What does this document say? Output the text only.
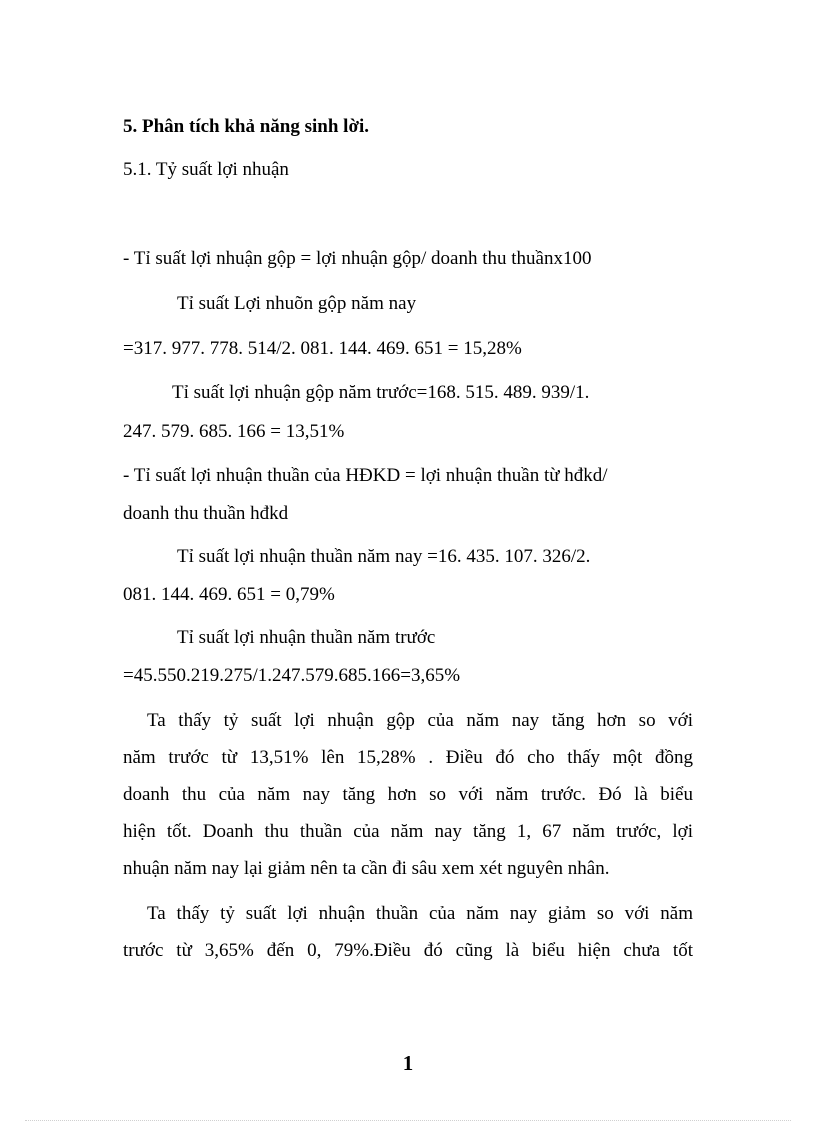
5. Phân tích khả năng sinh lời.
5.1. Tỷ suất lợi nhuận
- Tỉ suất lợi nhuận gộp = lợi nhuận gộp/ doanh thu thuầnx100
Tỉ suất Lợi nhuõn gộp năm nay
=317. 977. 778. 514/2. 081. 144. 469. 651 = 15,28%
Tỉ suất lợi nhuận gộp năm trước=168. 515. 489. 939/1.
247. 579. 685. 166 = 13,51%
- Tỉ suất lợi nhuận thuần của HĐKD = lợi nhuận thuần từ hđkd/
doanh thu thuần hđkd
Tỉ suất lợi nhuận thuần năm nay =16. 435. 107. 326/2.
081. 144. 469. 651 = 0,79%
Tỉ suất lợi nhuận thuần năm trước
=45.550.219.275/1.247.579.685.166=3,65%
Ta thấy tỷ suất lợi nhuận gộp của năm nay tăng hơn so với
năm trước từ 13,51% lên 15,28% . Điều đó cho thấy một đồng
doanh thu của năm nay tăng hơn so với năm trước. Đó là biểu
hiện tốt. Doanh thu thuần của năm nay tăng 1, 67 năm trước, lợi
nhuận năm nay lại giảm nên ta cần đi sâu xem xét nguyên nhân.
Ta thấy tỷ suất lợi nhuận thuần của năm nay giảm so với năm
trước từ 3,65% đến 0, 79%.Điều đó cũng là biểu hiện chưa tốt
1
